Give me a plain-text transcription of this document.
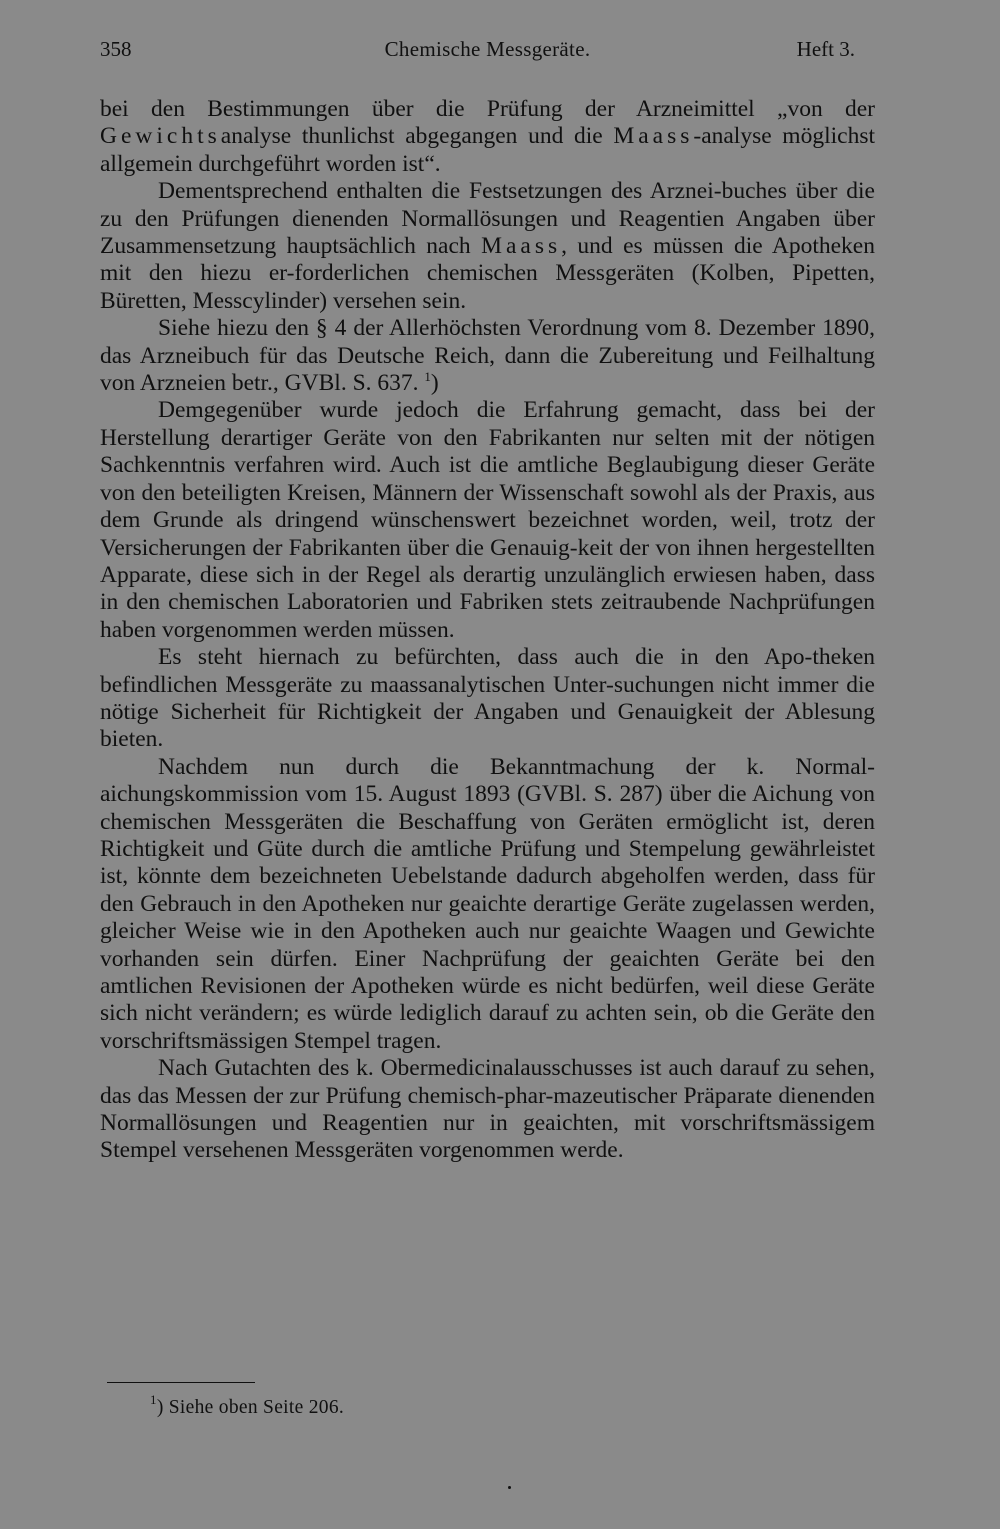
358	Chemische Messgeräte.	Heft 3.

bei den Bestimmungen über die Prüfung der Arzneimittel „von der Gewichtsanalyse thunlichst abgegangen und die Maass-analyse möglichst allgemein durchgeführt worden ist“.

Dementsprechend enthalten die Festsetzungen des Arznei-buches über die zu den Prüfungen dienenden Normallösungen und Reagentien Angaben über Zusammensetzung hauptsächlich nach Maass, und es müssen die Apotheken mit den hiezu er-forderlichen chemischen Messgeräten (Kolben, Pipetten, Büretten, Messcylinder) versehen sein.

Siehe hiezu den § 4 der Allerhöchsten Verordnung vom 8. Dezember 1890, das Arzneibuch für das Deutsche Reich, dann die Zubereitung und Feilhaltung von Arzneien betr., GVBl. S. 637. $^1$)

Demgegenüber wurde jedoch die Erfahrung gemacht, dass bei der Herstellung derartiger Geräte von den Fabrikanten nur selten mit der nötigen Sachkenntnis verfahren wird. Auch ist die amtliche Beglaubigung dieser Geräte von den beteiligten Kreisen, Männern der Wissenschaft sowohl als der Praxis, aus dem Grunde als dringend wünschenswert bezeichnet worden, weil, trotz der Versicherungen der Fabrikanten über die Genauig-keit der von ihnen hergestellten Apparate, diese sich in der Regel als derartig unzulänglich erwiesen haben, dass in den chemischen Laboratorien und Fabriken stets zeitraubende Nachprüfungen haben vorgenommen werden müssen.

Es steht hiernach zu befürchten, dass auch die in den Apo-theken befindlichen Messgeräte zu maassanalytischen Unter-suchungen nicht immer die nötige Sicherheit für Richtigkeit der Angaben und Genauigkeit der Ablesung bieten.

Nachdem nun durch die Bekanntmachung der k. Normal-aichungskommission vom 15. August 1893 (GVBl. S. 287) über die Aichung von chemischen Messgeräten die Beschaffung von Geräten ermöglicht ist, deren Richtigkeit und Güte durch die amtliche Prüfung und Stempelung gewährleistet ist, könnte dem bezeichneten Uebelstande dadurch abgeholfen werden, dass für den Gebrauch in den Apotheken nur geaichte derartige Geräte zugelassen werden, gleicher Weise wie in den Apotheken auch nur geaichte Waagen und Gewichte vorhanden sein dürfen. Einer Nachprüfung der geaichten Geräte bei den amtlichen Revisionen der Apotheken würde es nicht bedürfen, weil diese Geräte sich nicht verändern; es würde lediglich darauf zu achten sein, ob die Geräte den vorschriftsmässigen Stempel tragen.

Nach Gutachten des k. Obermedicinalausschusses ist auch darauf zu sehen, das das Messen der zur Prüfung chemisch-phar-mazeutischer Präparate dienenden Normallösungen und Reagentien nur in geaichten, mit vorschriftsmässigem Stempel versehenen Messgeräten vorgenommen werde.

$^1$) Siehe oben Seite 206.
